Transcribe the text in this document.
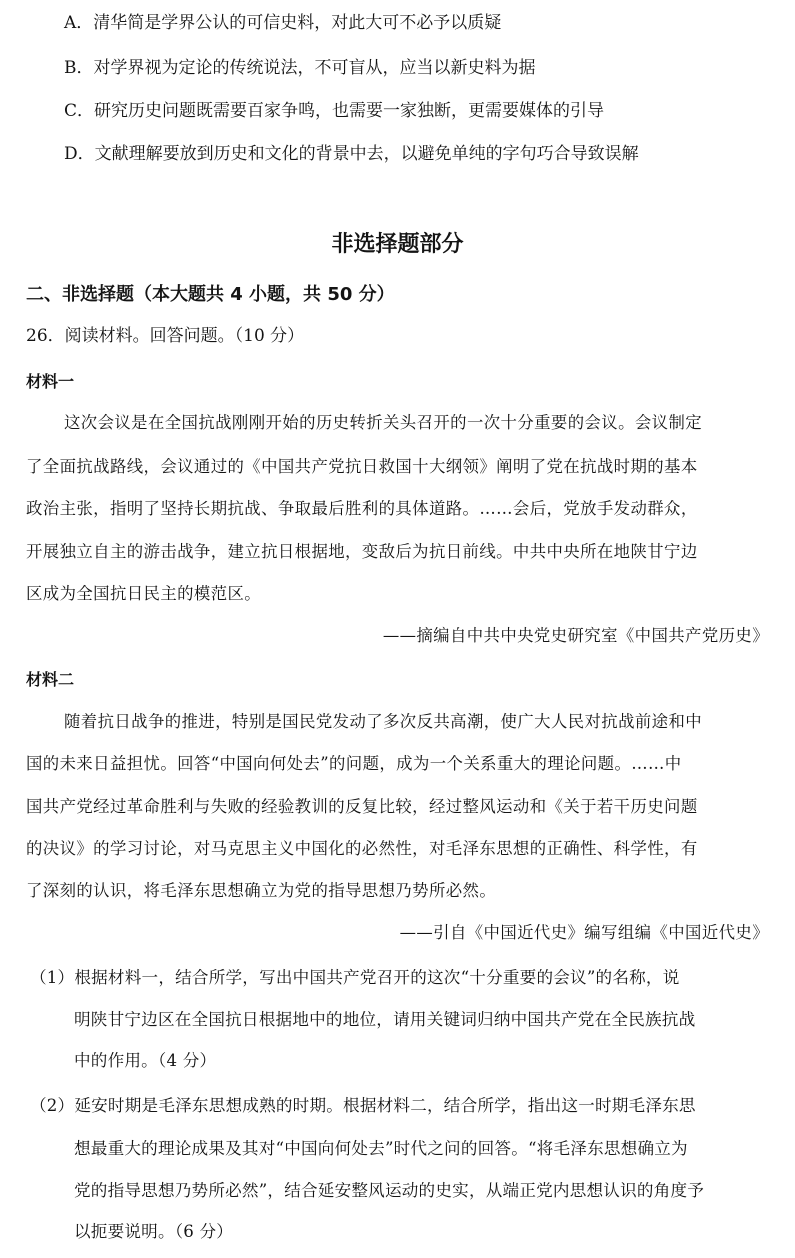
A．清华简是学界公认的可信史料，对此大可不必予以质疑
B．对学界视为定论的传统说法，不可盲从，应当以新史料为据
C．研究历史问题既需要百家争鸣，也需要一家独断，更需要媒体的引导
D．文献理解要放到历史和文化的背景中去，以避免单纯的字句巧合导致误解
非选择题部分
二、非选择题（本大题共 4 小题，共 50 分）
26．阅读材料。回答问题。（10 分）
材料一
这次会议是在全国抗战刚刚开始的历史转折关头召开的一次十分重要的会议。会议制定
了全面抗战路线，会议通过的《中国共产党抗日救国十大纲领》阐明了党在抗战时期的基本
政治主张，指明了坚持长期抗战、争取最后胜利的具体道路。……会后，党放手发动群众，
开展独立自主的游击战争，建立抗日根据地，变敌后为抗日前线。中共中央所在地陕甘宁边
区成为全国抗日民主的模范区。
——摘编自中共中央党史研究室《中国共产党历史》
材料二
随着抗日战争的推进，特别是国民党发动了多次反共高潮，使广大人民对抗战前途和中
国的未来日益担忧。回答“中国向何处去”的问题，成为一个关系重大的理论问题。……中
国共产党经过革命胜利与失败的经验教训的反复比较，经过整风运动和《关于若干历史问题
的决议》的学习讨论，对马克思主义中国化的必然性，对毛泽东思想的正确性、科学性，有
了深刻的认识，将毛泽东思想确立为党的指导思想乃势所必然。
——引自《中国近代史》编写组编《中国近代史》
（1）根据材料一，结合所学，写出中国共产党召开的这次“十分重要的会议”的名称，说
明陕甘宁边区在全国抗日根据地中的地位，请用关键词归纳中国共产党在全民族抗战
中的作用。（4 分）
（2）延安时期是毛泽东思想成熟的时期。根据材料二，结合所学，指出这一时期毛泽东思
想最重大的理论成果及其对“中国向何处去”时代之问的回答。“将毛泽东思想确立为
党的指导思想乃势所必然”，结合延安整风运动的史实，从端正党内思想认识的角度予
以扼要说明。（6 分）
